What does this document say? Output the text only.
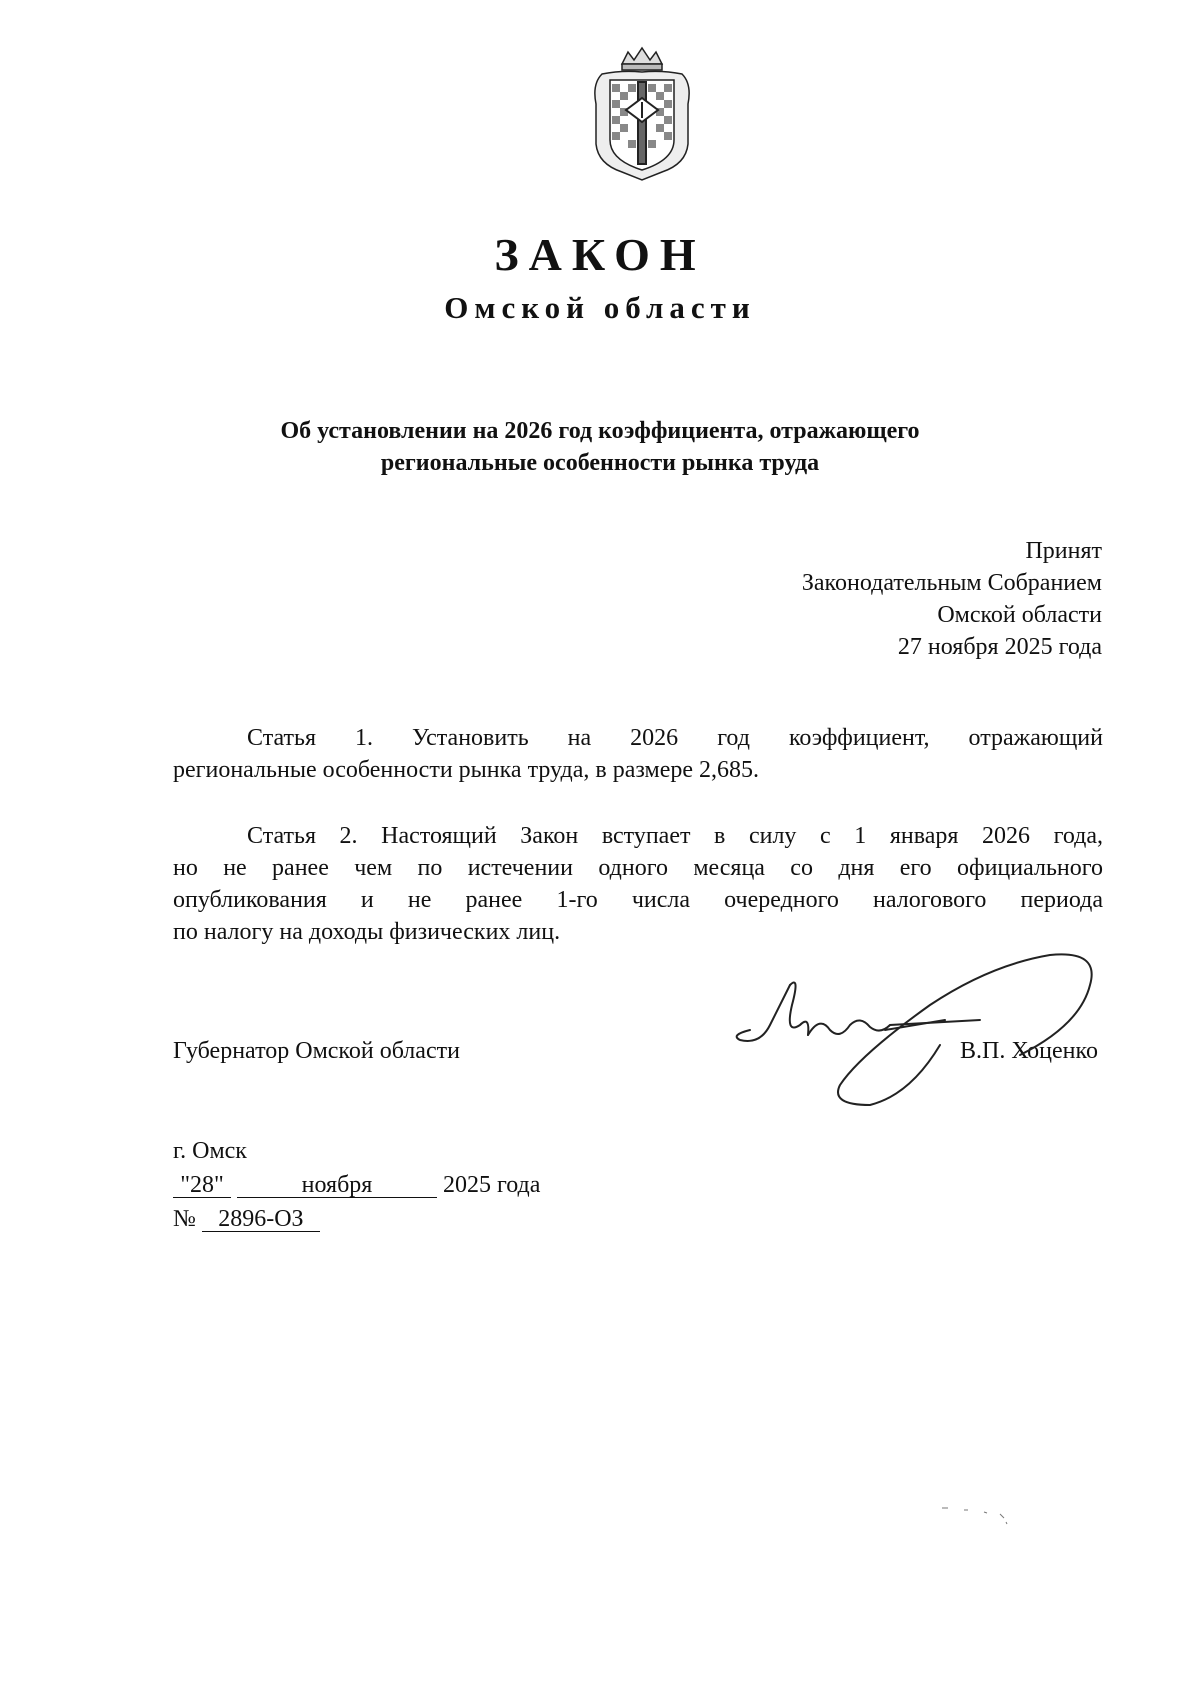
ЗАКОН
Омской области
Об установлении на 2026 год коэффициента, отражающего
региональные особенности рынка труда
Принят
Законодательным Собранием
Омской области
27 ноября 2025 года
Статья 1. Установить на 2026 год коэффициент, отражающий
региональные особенности рынка труда, в размере 2,685.
Статья 2. Настоящий Закон вступает в силу с 1 января 2026 года,
но не ранее чем по истечении одного месяца со дня его официального
опубликования и не ранее 1-го числа очередного налогового периода
по налогу на доходы физических лиц.
Губернатор Омской области	В.П. Хоценко
г. Омск
"28"	ноября	2025 года
№ 2896-ОЗ
